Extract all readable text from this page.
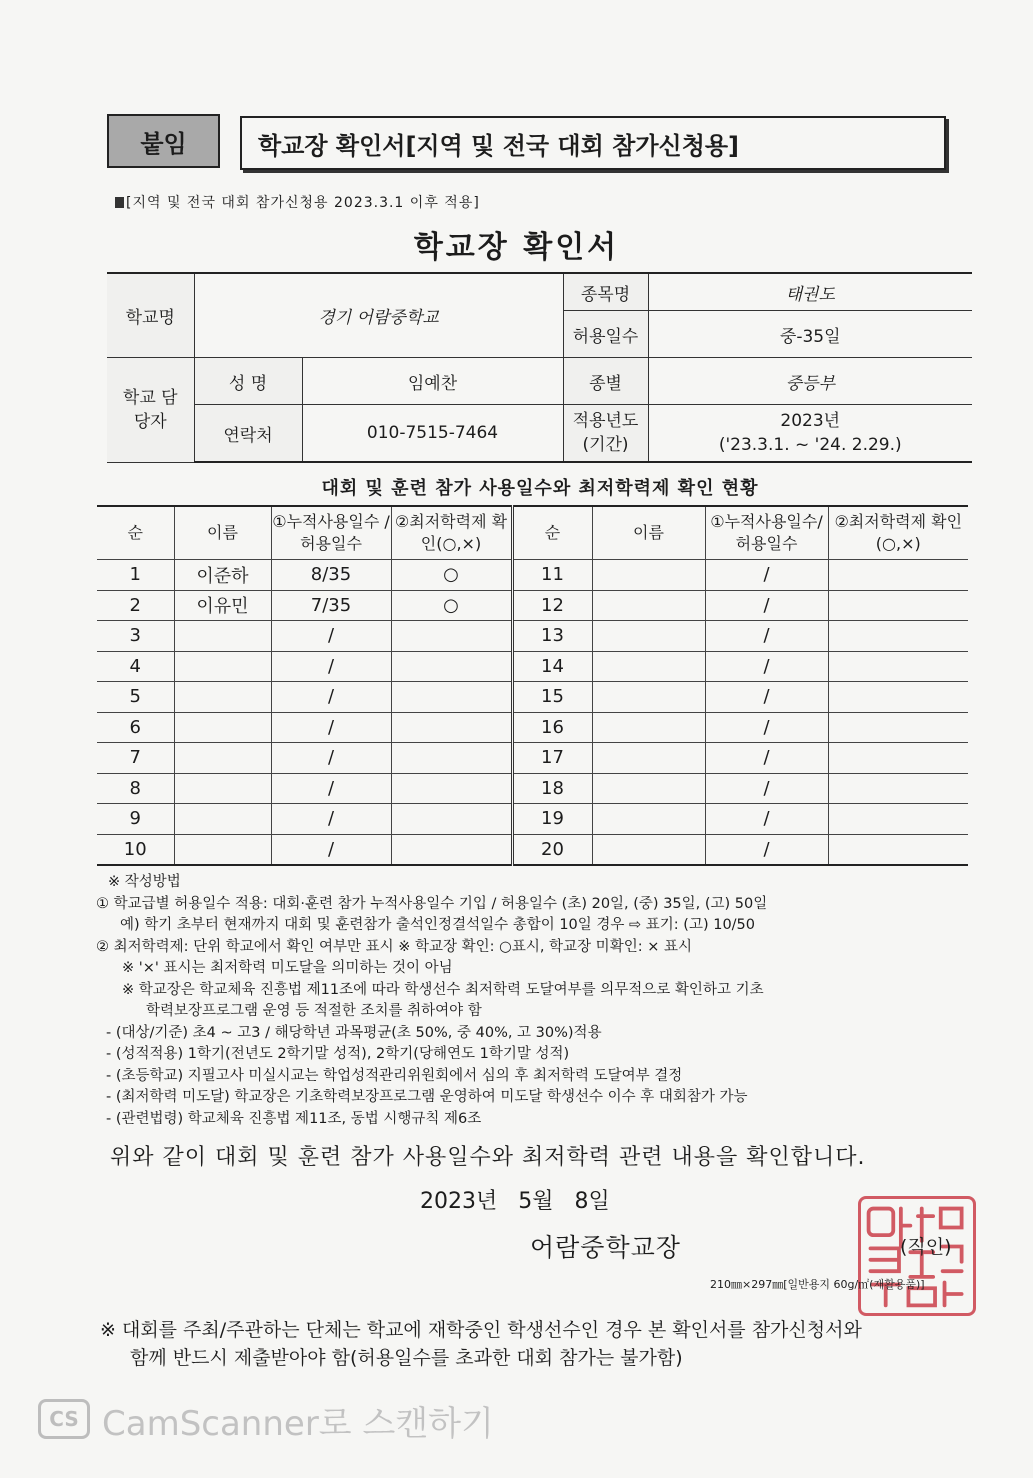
붙임	학교장 확인서[지역 및 전국 대회 참가신청용]
[지역 및 전국 대회 참가신청용 2023.3.1 이후 적용]
학교장 확인서
학교명	경기 어람중학교		종목명	태권도
			허용일수	중-35일
학교 담당자	성 명	임예찬	종별	중등부
	연락처	010-7515-7464	적용년도 (기간)	2023년
('23.3.1. ~ '24. 2.29.)
대회 및 훈련 참가 사용일수와 최저학력제 확인 현황
순	이름	①누적사용일수 /허용일수	②최저학력제 확인(○,×)	순	이름	①누적사용일수/ 허용일수	②최저학력제 확인(○,×)
1	이준하	8/35	○	11		/	
2	이유민	7/35	○	12		/	
3		/		13		/	
4		/		14		/	
5		/		15		/	
6		/		16		/	
7		/		17		/	
8		/		18		/	
9		/		19		/	
10		/		20		/	
※ 작성방법
① 학교급별 허용일수 적용: 대회·훈련 참가 누적사용일수 기입 / 허용일수 (초) 20일, (중) 35일, (고) 50일
예) 학기 초부터 현재까지 대회 및 훈련참가 출석인정결석일수 총합이 10일 경우 ⇨ 표기: (고) 10/50
② 최저학력제: 단위 학교에서 확인 여부만 표시 ※ 학교장 확인: ○표시, 학교장 미확인: × 표시
※ '×' 표시는 최저학력 미도달을 의미하는 것이 아님
※ 학교장은 학교체육 진흥법 제11조에 따라 학생선수 최저학력 도달여부를 의무적으로 확인하고 기초
학력보장프로그램 운영 등 적절한 조치를 취하여야 함
- (대상/기준) 초4 ~ 고3 / 해당학년 과목평균(초 50%, 중 40%, 고 30%)적용
- (성적적용) 1학기(전년도 2학기말 성적), 2학기(당해연도 1학기말 성적)
- (초등학교) 지필고사 미실시교는 학업성적관리위원회에서 심의 후 최저학력 도달여부 결정
- (최저학력 미도달) 학교장은 기초학력보장프로그램 운영하여 미도달 학생선수 이수 후 대회참가 가능
- (관련법령) 학교체육 진흥법 제11조, 동법 시행규칙 제6조
위와 같이 대회 및 훈련 참가 사용일수와 최저학력 관련 내용을 확인합니다.
2023년 5월 8일
어람중학교장	(직인)
210㎜×297㎜[일반용지 60g/㎡(재활용품)]
※ 대회를 주최/주관하는 단체는 학교에 재학중인 학생선수인 경우 본 확인서를 참가신청서와
함께 반드시 제출받아야 함(허용일수를 초과한 대회 참가는 불가함)
CS CamScanner로 스캔하기
